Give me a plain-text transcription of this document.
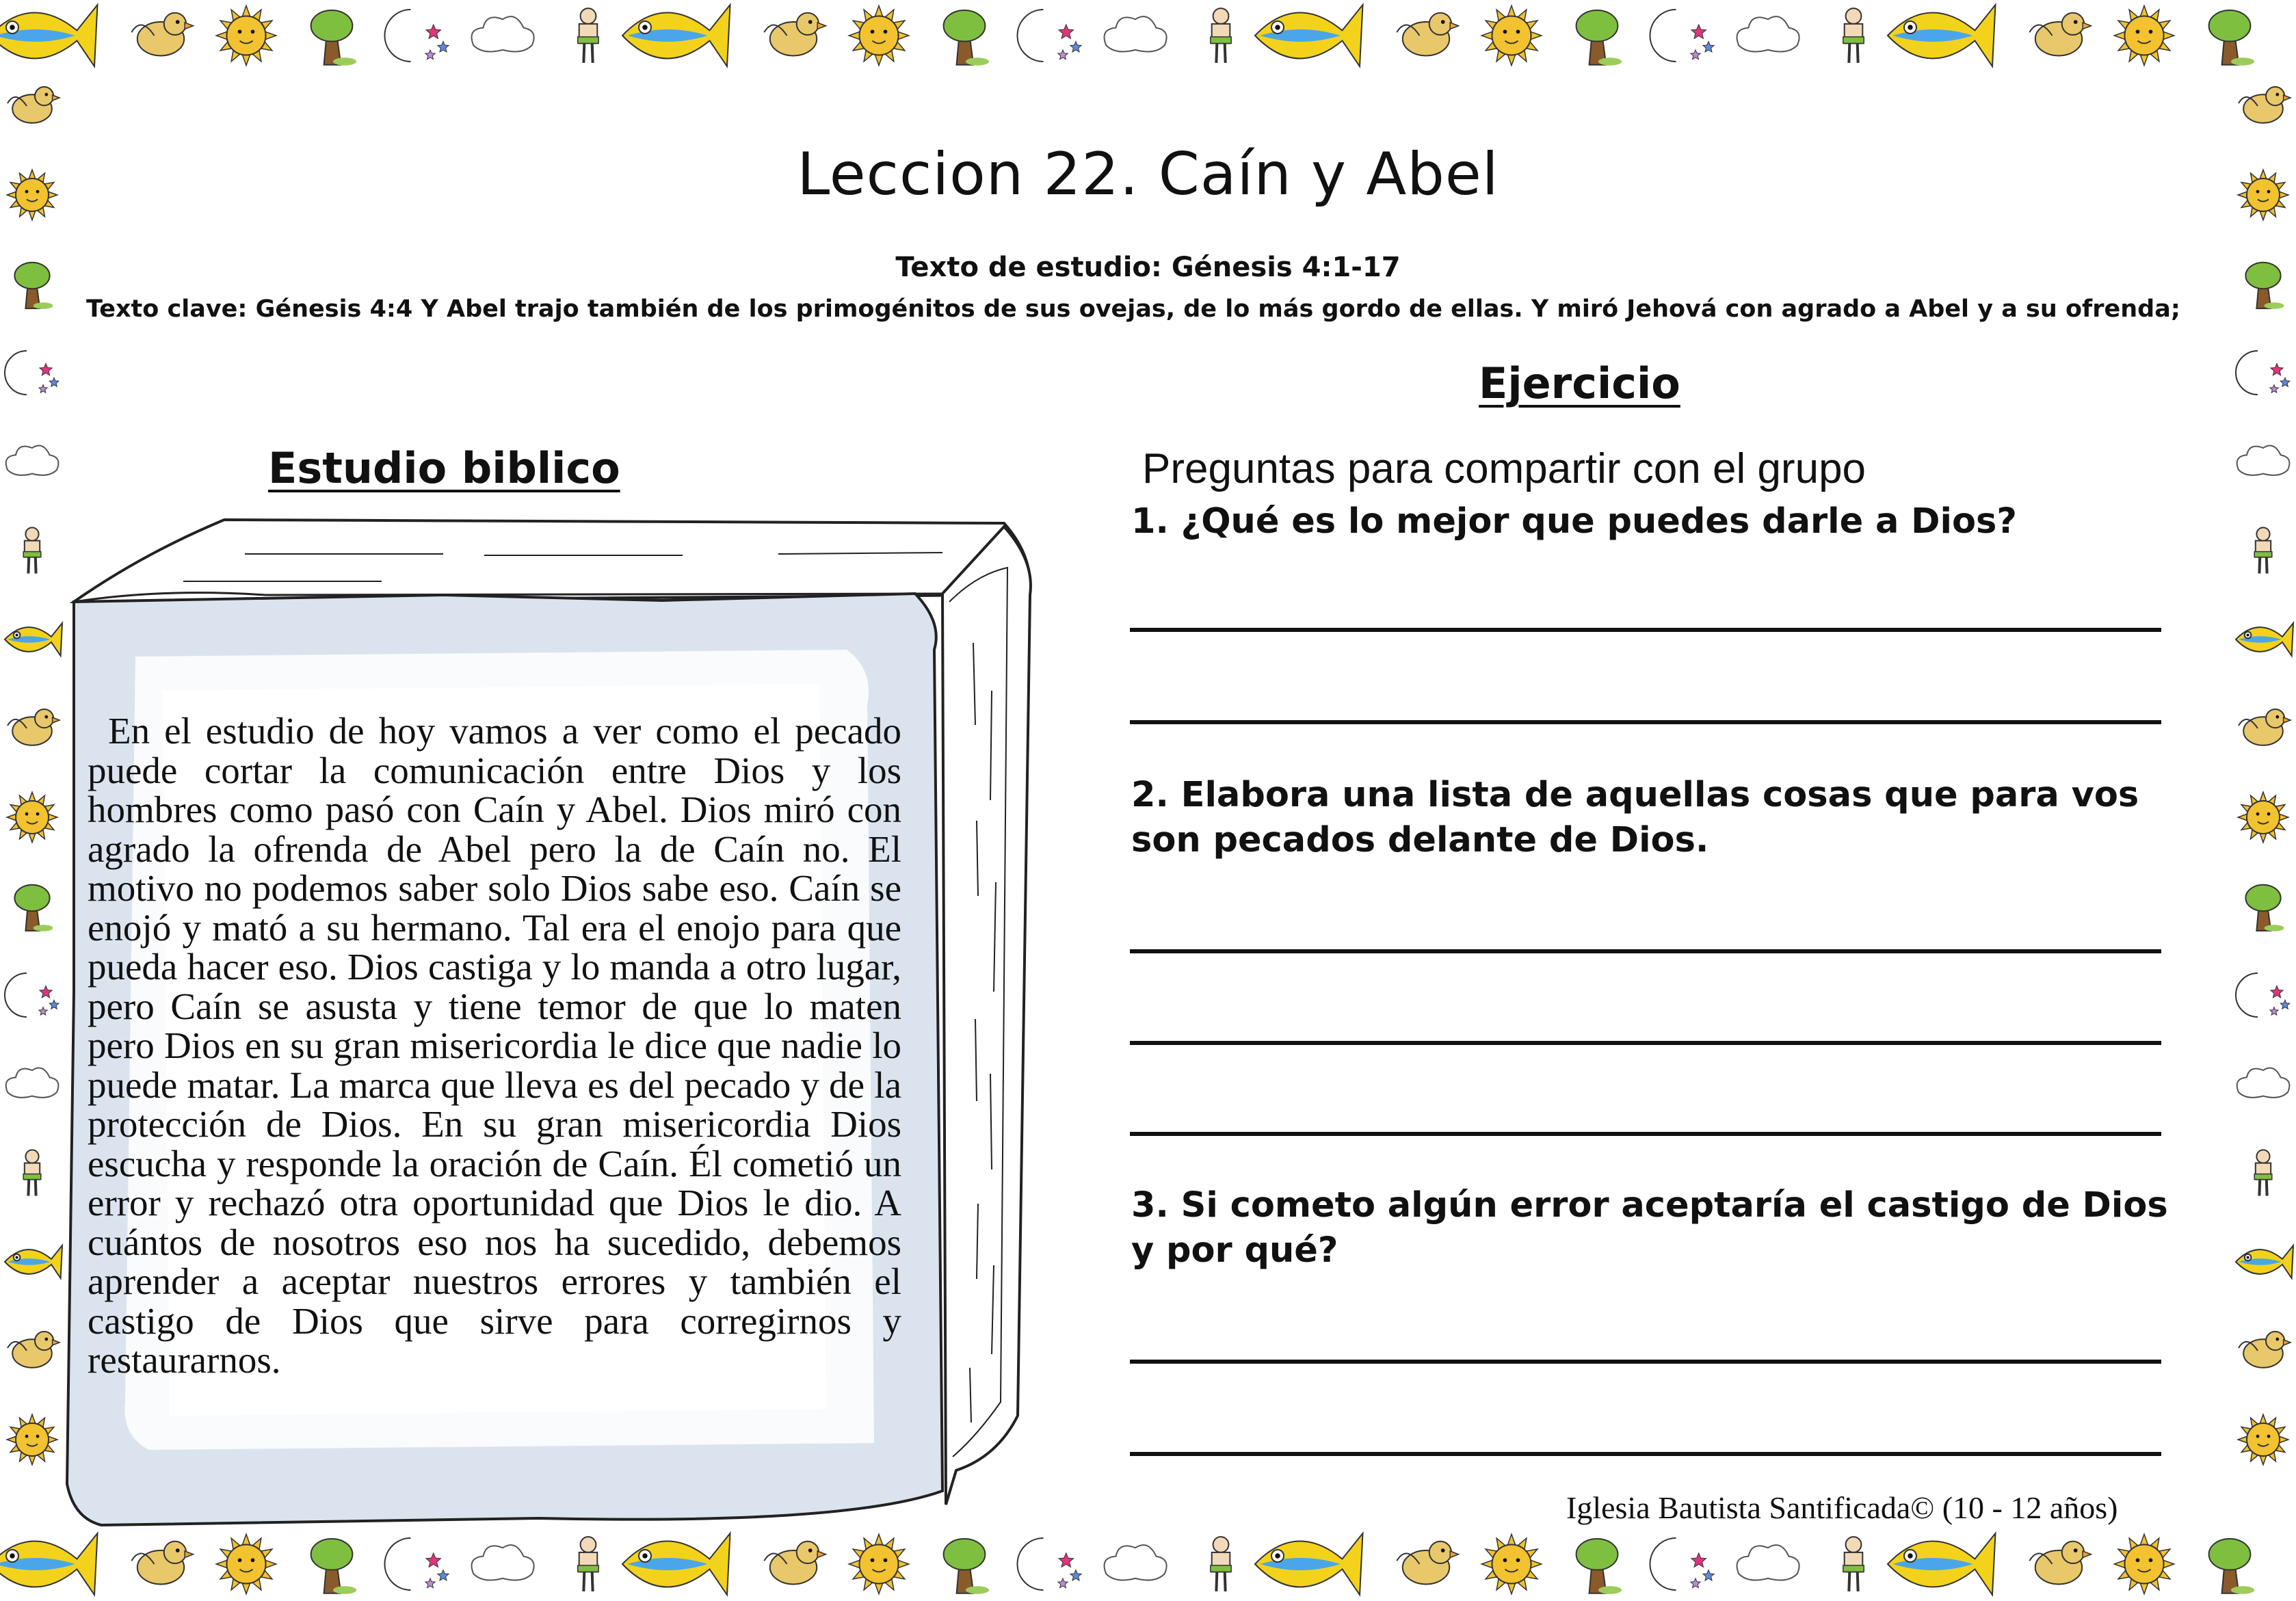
Leccion 22. Caín y Abel
Texto de estudio: Génesis 4:1-17
Texto clave: Génesis 4:4 Y Abel trajo también de los primogénitos de sus ovejas, de lo más gordo de ellas. Y miró Jehová con agrado a Abel y a su ofrenda;
Estudio biblico
Ejercicio
En el estudio de hoy vamos a ver como el pecado puede cortar la comunicación entre Dios y los hombres como pasó con Caín y Abel. Dios miró con agrado la ofrenda de Abel pero la de Caín no. El motivo no podemos saber solo Dios sabe eso. Caín se enojó y mató a su hermano. Tal era el enojo para que pueda hacer eso. Dios castiga y lo manda a otro lugar, pero Caín se asusta y tiene temor de que lo maten pero Dios en su gran misericordia le dice que nadie lo puede matar. La marca que lleva es del pecado y de la protección de Dios. En su gran misericordia Dios escucha y responde la oración de Caín. Él cometió un error y rechazó otra oportunidad que Dios le dio. A cuántos de nosotros eso nos ha sucedido, debemos aprender a aceptar nuestros errores y también el castigo de Dios que sirve para corregirnos y restaurarnos.
Preguntas para compartir con el grupo
1. ¿Qué es lo mejor que puedes darle a Dios?
2. Elabora una lista de aquellas cosas que para vos son pecados delante de Dios.
3. Si cometo algún error aceptaría el castigo de Dios y por qué?
Iglesia Bautista Santificada© (10 - 12 años)
